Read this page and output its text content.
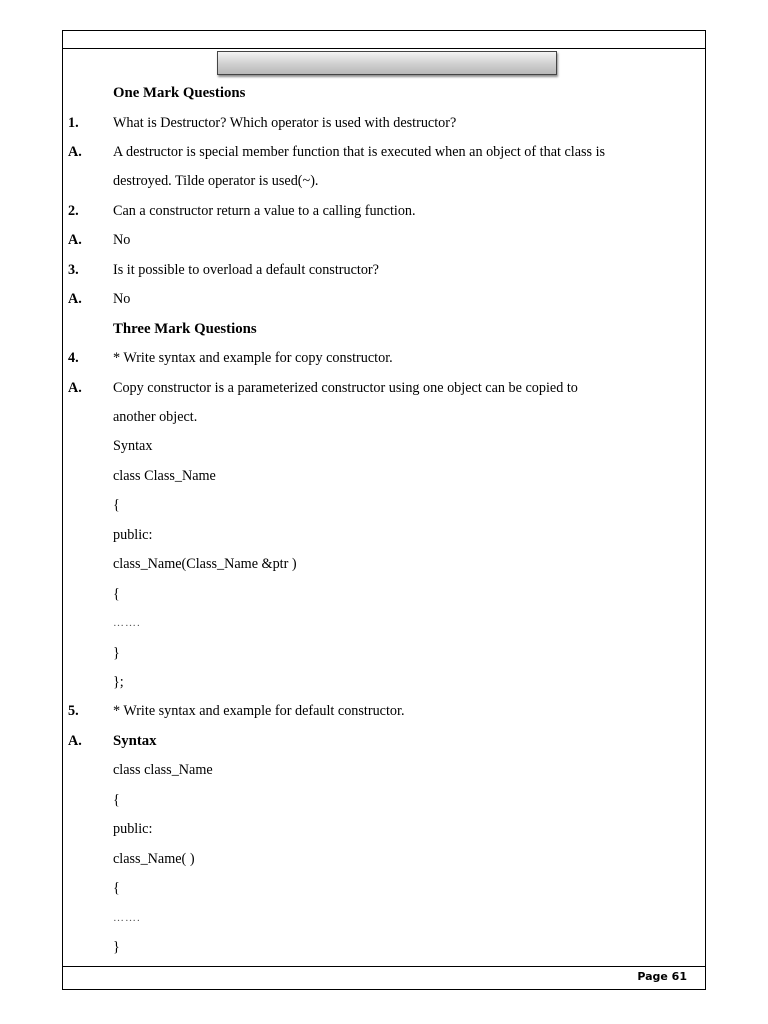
Page 61
One Mark Questions
1. What is Destructor? Which operator is used with destructor?
A. A destructor is special member function that is executed when an object of that class is
destroyed. Tilde operator is used(~).
2. Can a constructor return a value to a calling function.
A. No
3. Is it possible to overload a default constructor?
A. No
Three Mark Questions
4. * Write syntax and example for copy constructor.
A. Copy constructor is a parameterized constructor using one object can be copied to
another object.
Syntax
class Class_Name
{
public:
class_Name(Class_Name &ptr )
{
…….
}
};
5. * Write syntax and example for default constructor.
A. Syntax
class class_Name
{
public:
class_Name( )
{
…….
}
